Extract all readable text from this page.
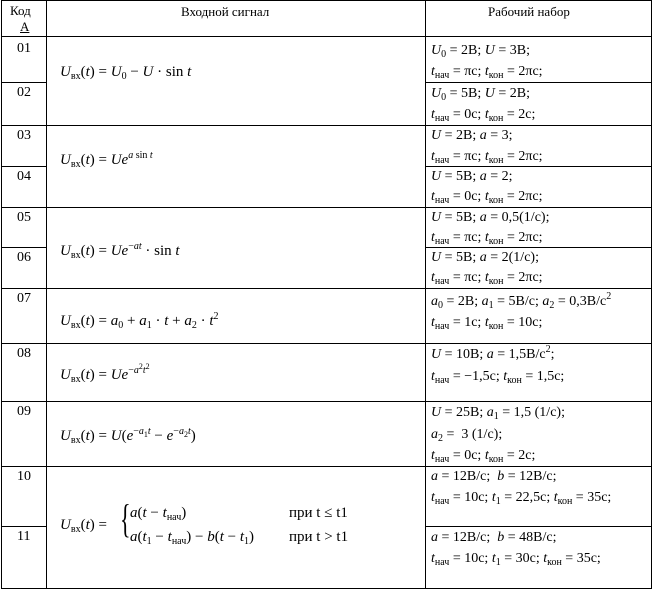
Код
А
Входной сигнал	Рабочий набор
01
02
03
04
05
06
07
08
09
10
11
$U_{вх}(t) = U_0 - U \cdot \sin t$
$U_{вх}(t) = Ue^{a sin t}$
$U_{вх}(t) = Ue^{-at} \cdot \sin t$
$U_{вх}(t) = a_0 + a_1 \cdot t + a_2 \cdot t^2$
$U_{вх}(t) = Ue^{-a^2t^2}$
$U_{вх}(t) = U(e^{-a_1t} - e^{-a_2t})$
$U_{вх}(t)$ = { $a(t - t_{нач})$	при t ≤ t1
$a(t_1 - t_{нач}) - b(t - t_1)$ при t > t1
$U_0 = 2В$; U = 3В;
$t_{нач} = \pi с$; $t_{кон} = 2\pi с$;
$U_0 = 5В$; U = 2В;
$t_{нач} = 0с$; $t_{кон} = 2с$;
U = 2В; a = 3;
$t_{нач} = \pi с$; $t_{кон} = 2\pi с$;
U = 5В; a = 2;
$t_{нач} = 0с$; $t_{кон} = 2\pi с$;
U = 5В; a = 0,5(1/с);
$t_{нач} = \pi с$; $t_{кон} = 2\pi с$;
U = 5В; a = 2(1/с);
$t_{нач} = \pi с$; $t_{кон} = 2\pi с$;
$a_0 = 2В$; $a_1 = 5В/с$; $a_2 = 0,3В/с^2$
$t_{нач} = 1с$; $t_{кон} = 10с$;
U = 10В; $a = 1,5В/с^2$;
$t_{нач} = -1,5с$; $t_{кон} = 1,5с$;
U = 25В; $a_1 = 1,5$ (1/с);
$a_2 = 3$ (1/с);
$t_{нач} = 0с$; $t_{кон} = 2с$;
a = 12В/с;  b = 12В/с;
$t_{нач} = 10с$; $t_1 = 22,5с$; $t_{кон} = 35с$;
a = 12В/с;  b = 48В/с;
$t_{нач} = 10с$; $t_1 = 30с$; $t_{кон} = 35с$;
